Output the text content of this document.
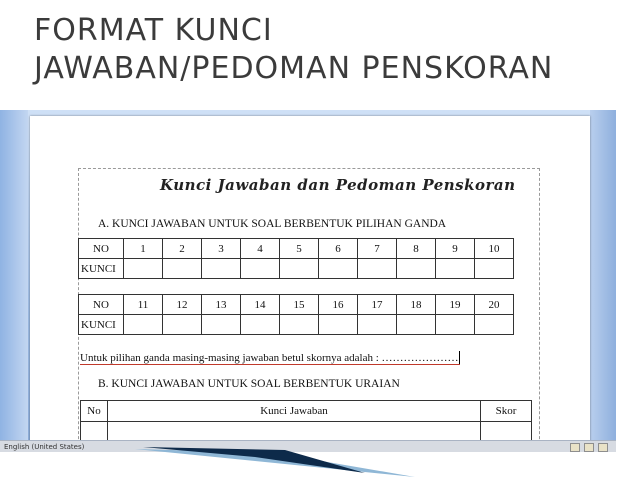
FORMAT KUNCI
JAWABAN/PEDOMAN PENSKORAN
Kunci Jawaban dan Pedoman Penskoran

A. KUNCI JAWABAN UNTUK SOAL BERBENTUK PILIHAN GANDA

NO	1	2	3	4	5	6	7	8	9	10
KUNCI										
NO	11	12	13	14	15	16	17	18	19	20
KUNCI										

Untuk pilihan ganda masing-masing jawaban betul skornya adalah : …………………

B. KUNCI JAWABAN UNTUK SOAL BERBENTUK URAIAN

No	Kunci Jawaban	Skor

English (United States)
